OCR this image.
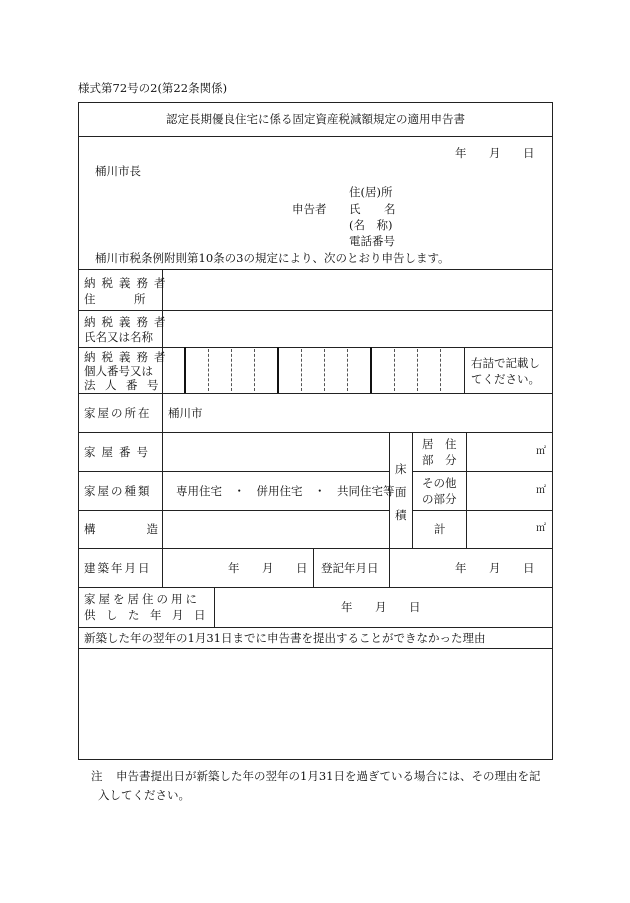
様式第72号の2(第22条関係)
認定長期優良住宅に係る固定資産税減額規定の適用申告書
年 月 日
桶川市長
住(居)所
申告者 氏 名
(名　称)
電話番号
桶川市税条例附則第10条の3の規定により、次のとおり申告します。
納税義務者
住　　　所
納税義務者
氏名又は名称
納税義務者
個人番号又は
法　人　番　号
右詰で記載し
てください。
家屋の所在 桶川市
家屋番号
家屋の種類 専用住宅　・　併用住宅　・　共同住宅等
構　　　　造
床
面
積
居　住
部　分
その他
の部分
計
㎡
㎡
㎡
建築年月日	年 月 日 登記年月日	年 月 日
家屋を居住の用に
供　し　た　年　月　日
年 月 日
新築した年の翌年の1月31日までに申告書を提出することができなかった理由
注 申告書提出日が新築した年の翌年の1月31日を過ぎている場合には、その理由を記
入してください。
